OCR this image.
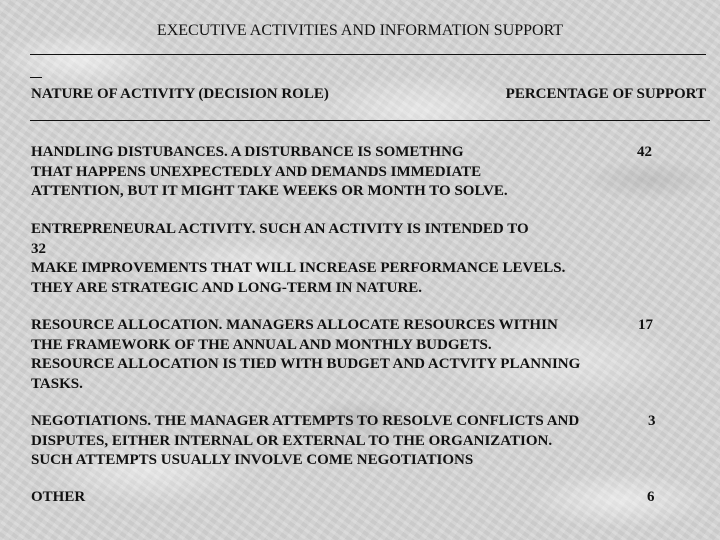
EXECUTIVE ACTIVITIES AND INFORMATION SUPPORT
NATURE OF ACTIVITY (DECISION ROLE)	PERCENTAGE OF SUPPORT
HANDLING DISTUBANCES. A DISTURBANCE IS SOMETHNG
THAT HAPPENS UNEXPECTEDLY AND DEMANDS IMMEDIATE
ATTENTION, BUT IT MIGHT TAKE WEEKS OR MONTH TO SOLVE.
42
ENTREPRENEURAL ACTIVITY. SUCH AN ACTIVITY IS INTENDED TO
32
MAKE IMPROVEMENTS THAT WILL INCREASE PERFORMANCE LEVELS.
THEY ARE STRATEGIC AND LONG-TERM IN NATURE.
RESOURCE ALLOCATION. MANAGERS ALLOCATE RESOURCES WITHIN
THE FRAMEWORK OF THE ANNUAL AND MONTHLY BUDGETS.
RESOURCE ALLOCATION IS TIED WITH BUDGET AND ACTVITY PLANNING
TASKS.
17
NEGOTIATIONS. THE MANAGER ATTEMPTS TO RESOLVE CONFLICTS AND
DISPUTES, EITHER INTERNAL OR EXTERNAL TO THE ORGANIZATION.
SUCH ATTEMPTS USUALLY INVOLVE COME NEGOTIATIONS
3
OTHER	6
